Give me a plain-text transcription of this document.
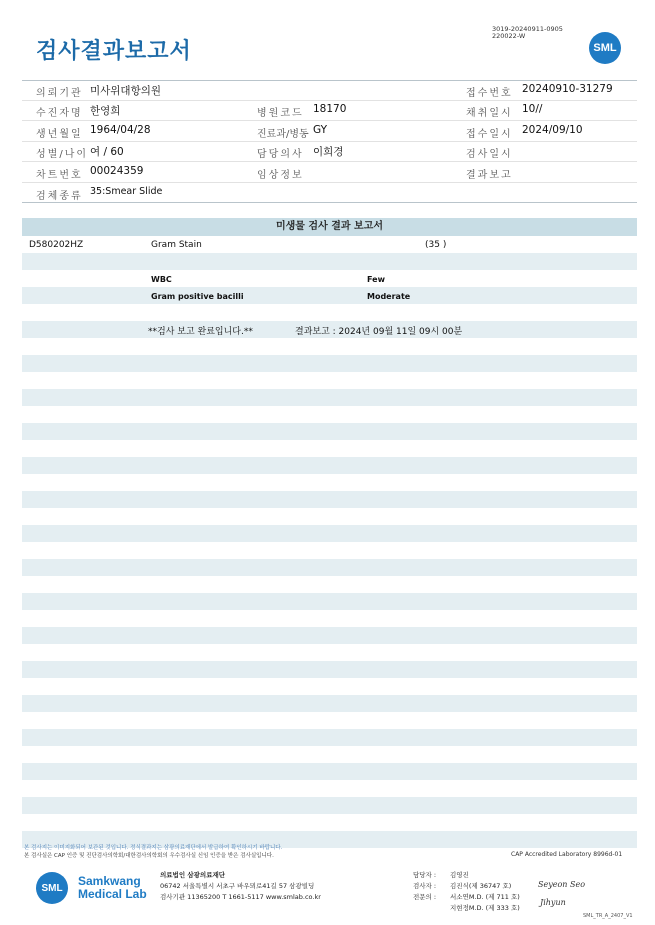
검사결과보고서
3019-20240911-0905
220022-W
SML
의뢰기관 미사위대항의원	접수번호 20240910-31279
수진자명 한영희	병원코드 18170	채취일시 10//
생년월일 1964/04/28	진료과/병동 GY	접수일시 2024/09/10
성별/나이 여 / 60	담당의사 이희경	검사일시
차트번호 00024359	임상정보	결과보고
검체종류 35:Smear Slide
미생물 검사 결과 보고서
D580202HZ	Gram Stain	(35 )
WBC	Few
Gram positive bacilli	Moderate
**검사 보고 완료입니다.**	결과보고 : 2024년 09월 11일 09시 00분
본 검사지는 이미지화되어 보관된 것입니다. 정식결과지는 삼광의료재단에서 발급하여 확인하시기 바랍니다.
본 검사실은 CAP 인증 및 진단검사의학회/대한검사의학회의 우수검사실 신임 인증을 받은 검사실입니다.	CAP Accredited Laboratory 8996d-01
SML	Samkwang
Medical Lab
의료법인 삼광의료재단
06742 서울특별시 서초구 바우뫼로41길 57 삼광빌딩
검사기관 11365200 T 1661-5117 www.smlab.co.kr
담당자 : 김영진
검사자 : 김진식(제 36747 호)
전문의 : 서소연M.D. (제 711 호)
지현정M.D. (제 333 호)
Seyeon Seo
Jihyun
SML_TR_A_2407_V1
